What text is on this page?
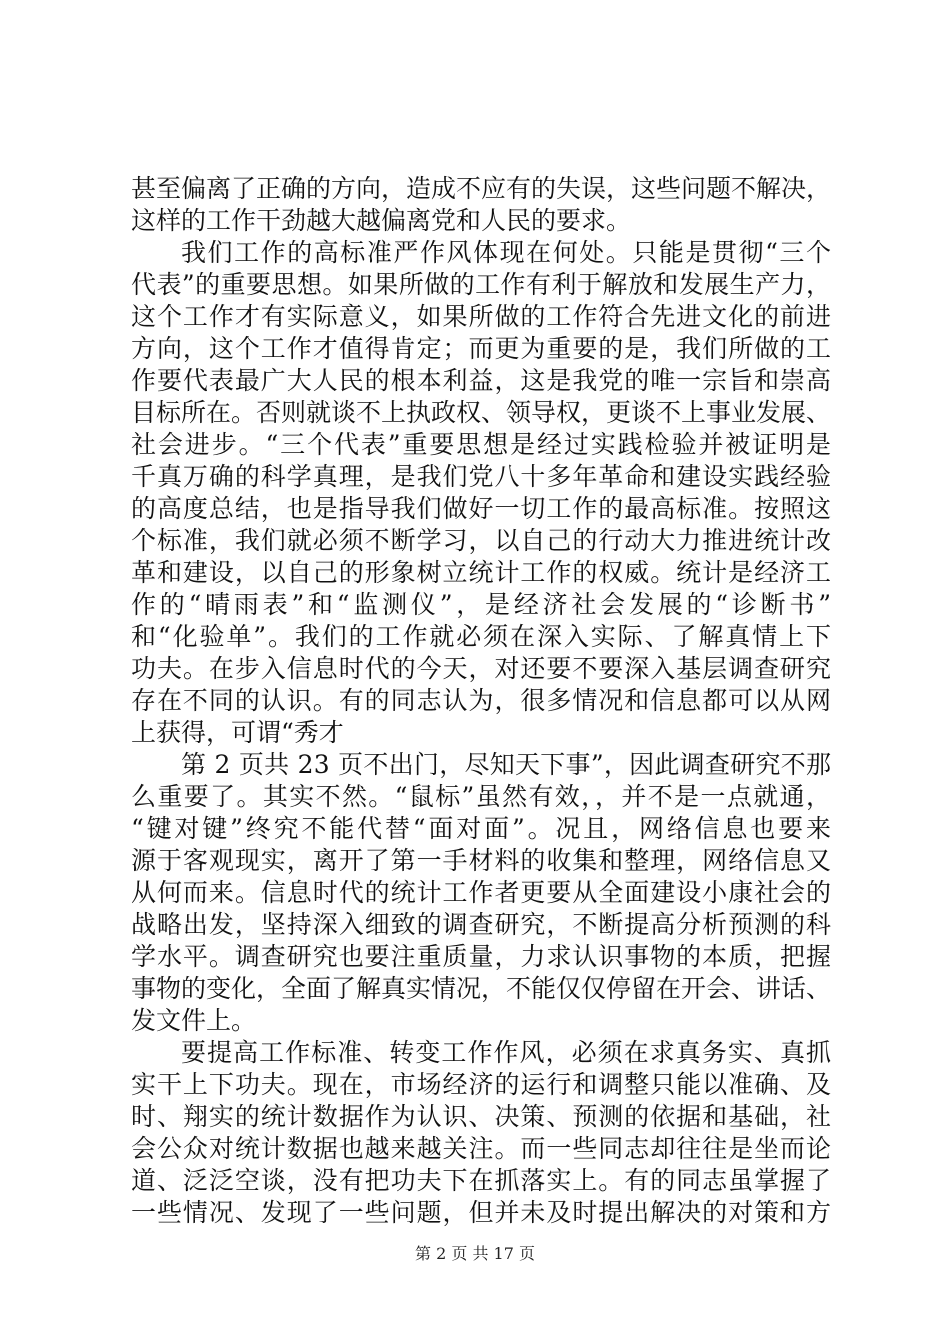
甚至偏离了正确的方向，造成不应有的失误，这些问题不解决，
这样的工作干劲越大越偏离党和人民的要求。
我们工作的高标准严作风体现在何处。只能是贯彻“三个
代表”的重要思想。如果所做的工作有利于解放和发展生产力，
这个工作才有实际意义，如果所做的工作符合先进文化的前进
方向，这个工作才值得肯定；而更为重要的是，我们所做的工
作要代表最广大人民的根本利益，这是我党的唯一宗旨和崇高
目标所在。否则就谈不上执政权、领导权，更谈不上事业发展、
社会进步。“三个代表”重要思想是经过实践检验并被证明是
千真万确的科学真理，是我们党八十多年革命和建设实践经验
的高度总结，也是指导我们做好一切工作的最高标准。按照这
个标准，我们就必须不断学习，以自己的行动大力推进统计改
革和建设，以自己的形象树立统计工作的权威。统计是经济工
作的“晴雨表”和“监测仪”，是经济社会发展的“诊断书”
和“化验单”。我们的工作就必须在深入实际、了解真情上下
功夫。在步入信息时代的今天，对还要不要深入基层调查研究
存在不同的认识。有的同志认为，很多情况和信息都可以从网
上获得，可谓“秀才
第 2 页共 23 页不出门，尽知天下事”，因此调查研究不那
么重要了。其实不然。“鼠标”虽然有效，，并不是一点就通，
“键对键”终究不能代替“面对面”。况且，网络信息也要来
源于客观现实，离开了第一手材料的收集和整理，网络信息又
从何而来。信息时代的统计工作者更要从全面建设小康社会的
战略出发，坚持深入细致的调查研究，不断提高分析预测的科
学水平。调查研究也要注重质量，力求认识事物的本质，把握
事物的变化，全面了解真实情况，不能仅仅停留在开会、讲话、
发文件上。
要提高工作标准、转变工作作风，必须在求真务实、真抓
实干上下功夫。现在，市场经济的运行和调整只能以准确、及
时、翔实的统计数据作为认识、决策、预测的依据和基础，社
会公众对统计数据也越来越关注。而一些同志却往往是坐而论
道、泛泛空谈，没有把功夫下在抓落实上。有的同志虽掌握了
一些情况、发现了一些问题，但并未及时提出解决的对策和方
第 2 页 共 17 页
